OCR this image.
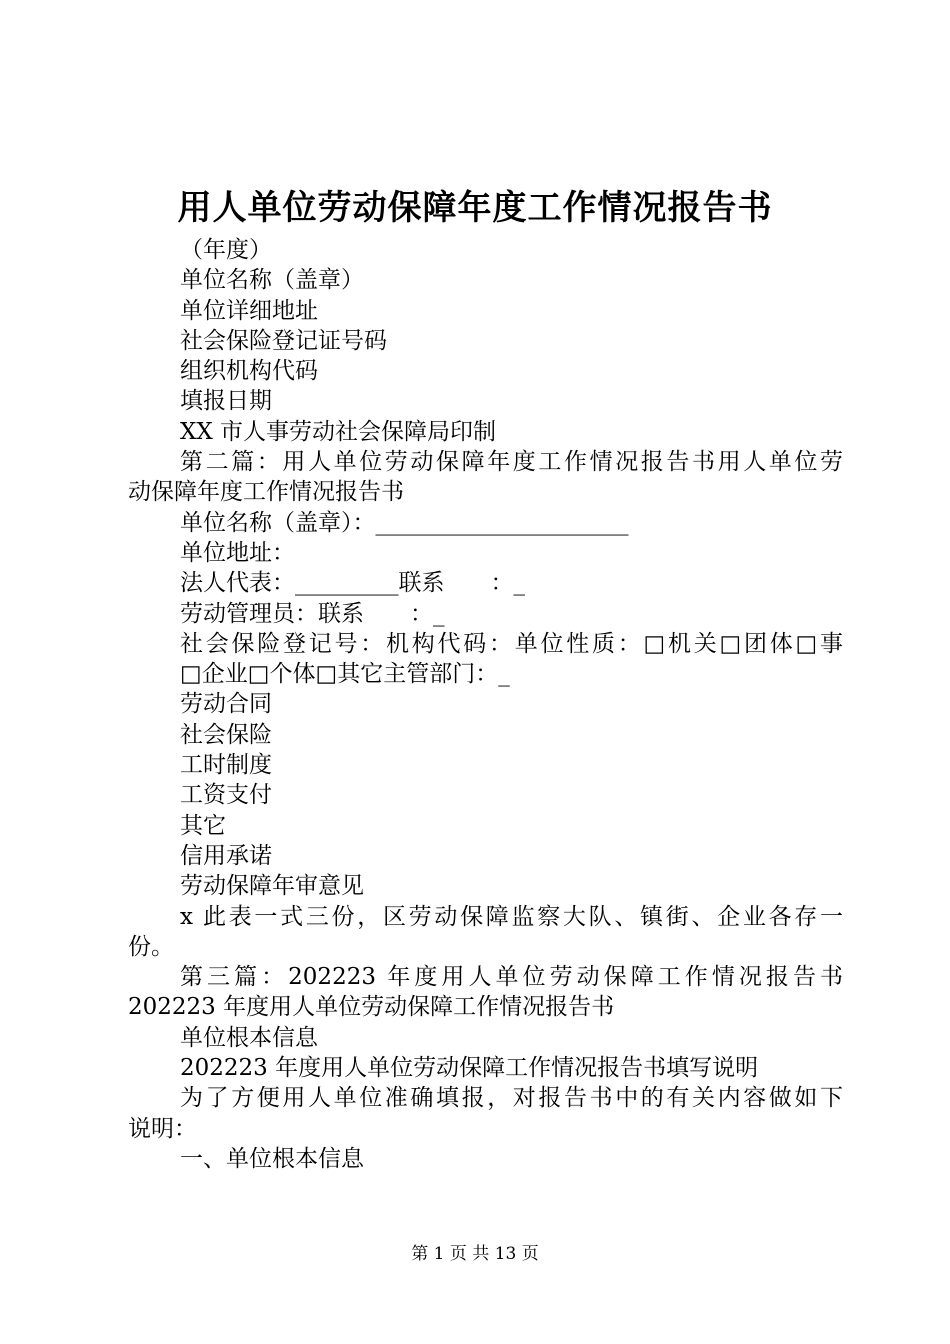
用人单位劳动保障年度工作情况报告书

（年度）

单位名称（盖章）

单位详细地址

社会保险登记证号码

组织机构代码

填报日期

XX 市人事劳动社会保障局印制

第二篇：用人单位劳动保障年度工作情况报告书用人单位劳

动保障年度工作情况报告书

单位名称（盖章）：______________________

单位地址：

法人代表：_________联系　　：_

劳动管理员：联系　　：_

社会保险登记号：机构代码：单位性质：□机关□团体□事

□企业□个体□其它主管部门：_

劳动合同

社会保险

工时制度

工资支付

其它

信用承诺

劳动保障年审意见

x 此表一式三份，区劳动保障监察大队、镇街、企业各存一

份。

第三篇：202223 年度用人单位劳动保障工作情况报告书

202223 年度用人单位劳动保障工作情况报告书

单位根本信息

202223 年度用人单位劳动保障工作情况报告书填写说明

为了方便用人单位准确填报，对报告书中的有关内容做如下

说明：

一、单位根本信息

第 1 页 共 13 页
